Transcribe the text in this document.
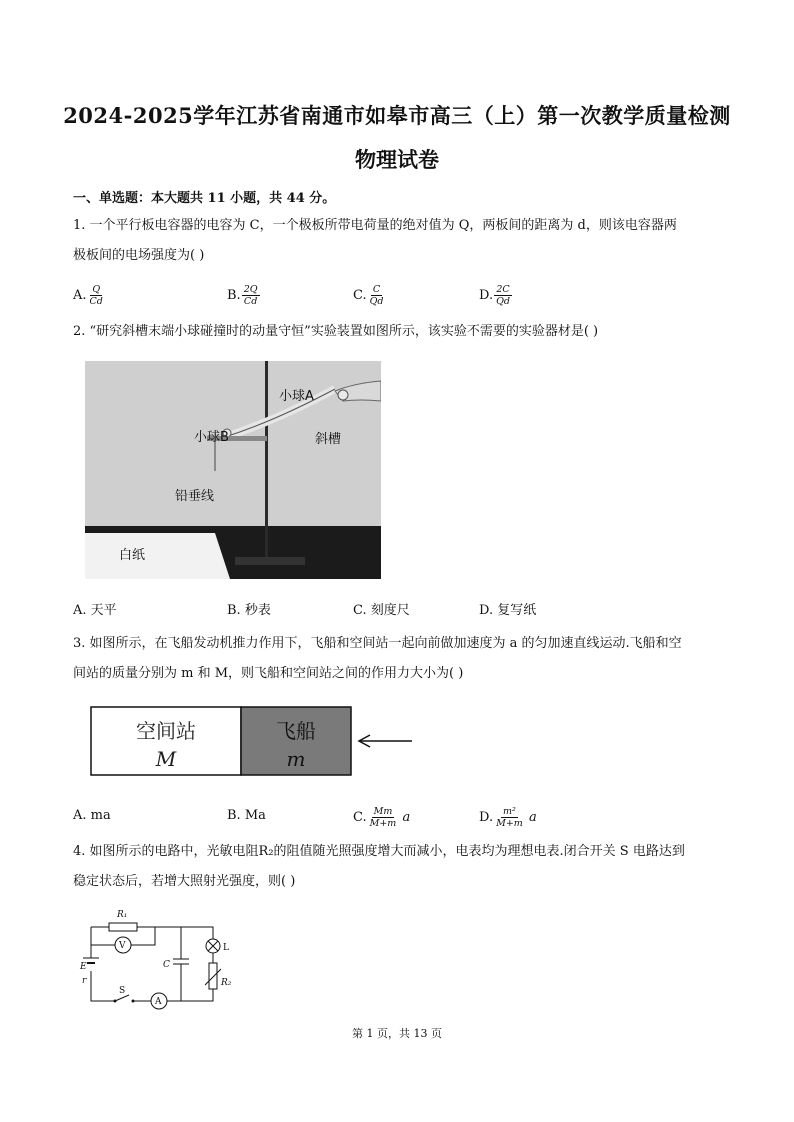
2024-2025学年江苏省南通市如皋市高三（上）第一次教学质量检测
物理试卷
一、单选题：本大题共 11 小题，共 44 分。
1. 一个平行板电容器的电容为 C，一个极板所带电荷量的绝对值为 Q，两板间的距离为 d，则该电容器两
极板间的电场强度为( )
A. $\frac{Q}{Cd}$	B. $\frac{2Q}{Cd}$	C. $\frac{C}{Qd}$	D. $\frac{2C}{Qd}$
2. “研究斜槽末端小球碰撞时的动量守恒”实验装置如图所示，该实验不需要的实验器材是( )
小球A
小球B	斜槽
铅垂线
白纸
A. 天平	B. 秒表	C. 刻度尺	D. 复写纸
3. 如图所示，在飞船发动机推力作用下，飞船和空间站一起向前做加速度为 a 的匀加速直线运动.飞船和空
间站的质量分别为 m 和 M，则飞船和空间站之间的作用力大小为( )
空间站
M
飞船
m
A. ma	B. Ma	C. $\frac{Mm}{M+m}$ a	D. $\frac{\text{m²}}{M+m}$ a
4. 如图所示的电路中，光敏电阻R₂的阻值随光照强度增大而减小，电表均为理想电表.闭合开关 S 电路达到
稳定状态后，若增大照射光强度，则( )
R₁
V	L
E
r
C
R₂
S
A
第 1 页，共 13 页
